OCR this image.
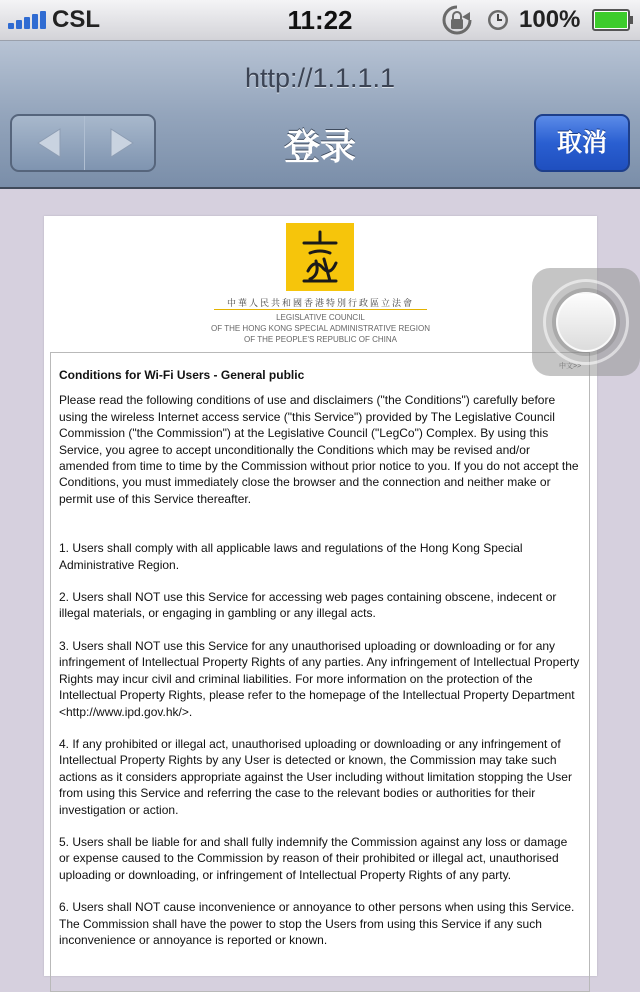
CSL	11:22	100%
http://1.1.1.1
登录	取消
中華人民共和國香港特別行政區立法會
LEGISLATIVE COUNCIL
OF THE HONG KONG SPECIAL ADMINISTRATIVE REGION
OF THE PEOPLE'S REPUBLIC OF CHINA
Conditions for Wi-Fi Users - General public

Please read the following conditions of use and disclaimers ("the Conditions") carefully before using the wireless Internet access service ("this Service") provided by The Legislative Council Commission ("the Commission") at the Legislative Council ("LegCo") Complex. By using this Service, you agree to accept unconditionally the Conditions which may be revised and/or amended from time to time by the Commission without prior notice to you. If you do not accept the Conditions, you must immediately close the browser and the connection and neither make or permit use of this Service thereafter.

1. Users shall comply with all applicable laws and regulations of the Hong Kong Special Administrative Region.

2. Users shall NOT use this Service for accessing web pages containing obscene, indecent or illegal materials, or engaging in gambling or any illegal acts.

3. Users shall NOT use this Service for any unauthorised uploading or downloading or for any infringement of Intellectual Property Rights of any parties. Any infringement of Intellectual Property Rights may incur civil and criminal liabilities. For more information on the protection of the Intellectual Property Rights, please refer to the homepage of the Intellectual Property Department <http://www.ipd.gov.hk/>.

4. If any prohibited or illegal act, unauthorised uploading or downloading or any infringement of Intellectual Property Rights by any User is detected or known, the Commission may take such actions as it considers appropriate against the User including without limitation stopping the User from using this Service and referring the case to the relevant bodies or authorities for their investigation or action.

5. Users shall be liable for and shall fully indemnify the Commission against any loss or damage or expense caused to the Commission by reason of their prohibited or illegal act, unauthorised uploading or downloading, or infringement of Intellectual Property Rights of any party.

6. Users shall NOT cause inconvenience or annoyance to other persons when using this Service. The Commission shall have the power to stop the Users from using this Service if any such inconvenience or annoyance is reported or known.
